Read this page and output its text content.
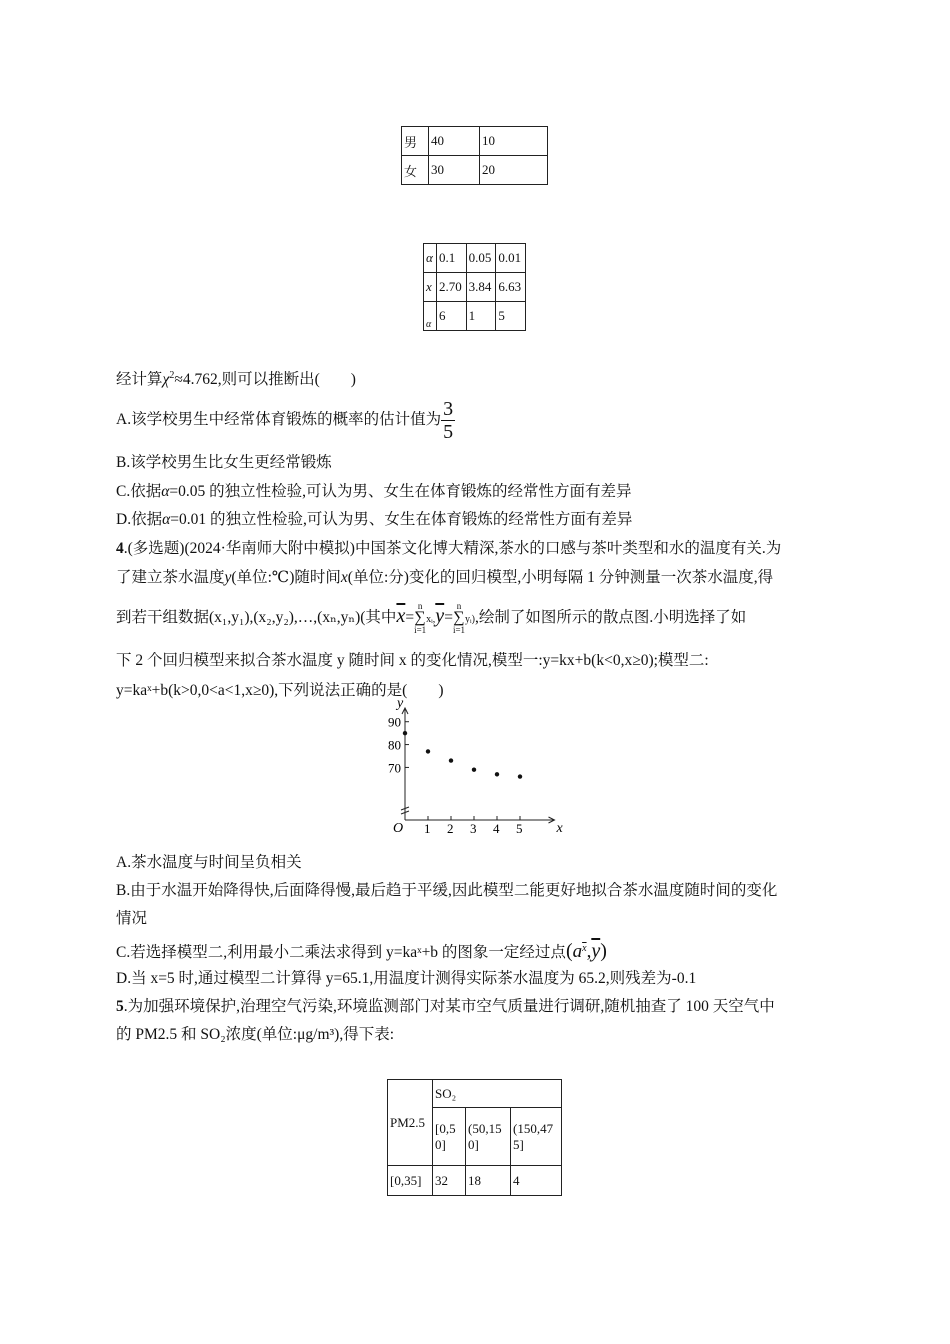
男	40	10
女	30	20
α	0.1	0.05	0.01
x	2.70	3.84	6.63
α	6	1	5
经计算$\chi^2\approx 4.762$,则可以推断出(　　)
A.该学校男生中经常体育锻炼的概率的估计值为 $\frac{3}{5}$
B.该学校男生比女生更经常锻炼
C.依据α=0.05 的独立性检验,可认为男、女生在体育锻炼的经常性方面有差异
D.依据α=0.01 的独立性检验,可认为男、女生在体育锻炼的经常性方面有差异
4.(多选题)(2024·华南师大附中模拟)中国茶文化博大精深,茶水的口感与茶叶类型和水的温度有关.为
了建立茶水温度y(单位:℃)随时间x(单位:分)变化的回归模型,小明每隔 1 分钟测量一次茶水温度,得
到若干组数据(x₁,y₁),(x₂,y₂),…,(xₙ,yₙ)(其中$\overline{x}=$
n
∑
i=1
$xᵢ,\overline{y}=$
n
∑
i=1
yᵢ),绘制了如图所示的散点图.小明选择了如
下 2 个回归模型来拟合茶水温度 y 随时间 x 的变化情况,模型一:y=kx+b(k<0,x≥0);模型二:
y=kaˣ+b(k>0,0<a<1,x≥0),下列说法正确的是(　　)
x
y
O 1 2 3 4 5
70
80
90
A.茶水温度与时间呈负相关
B.由于水温开始降得快,后面降得慢,最后趋于平缓,因此模型二能更好地拟合茶水温度随时间的变化
情况
C.若选择模型二,利用最小二乘法求得到 y=kaˣ+b 的图象一定经过点$(a^{\overline{x}},\overline{y})$
D.当 x=5 时,通过模型二计算得 y=65.1,用温度计测得实际茶水温度为 65.2,则残差为-0.1
5.为加强环境保护,治理空气污染,环境监测部门对某市空气质量进行调研,随机抽查了 100 天空气中
的 PM2.5 和 SO₂浓度(单位:μg/m³),得下表:
PM2.5	SO₂		
	[0,50]	(50,150]	(150,475]
[0,35]	32	18	4
